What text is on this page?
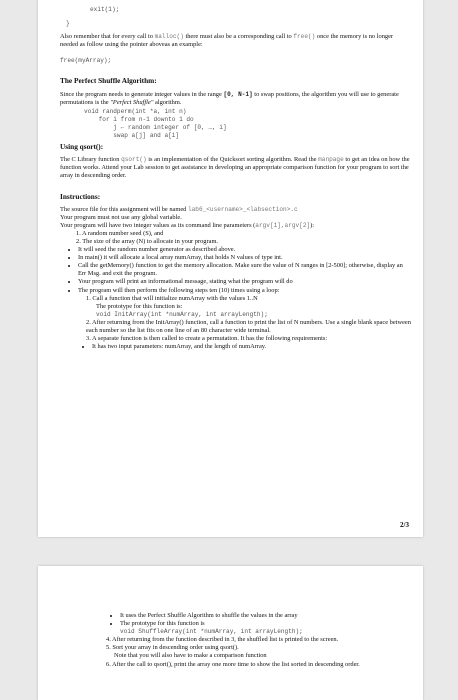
exit(1);
}

Also remember that for every call to malloc() there must also be a corresponding call to free() once the memory is no longer needed as follow using the pointer aboveas an example:

free(myArray);

The Perfect Shuffle Algorithm:

Since the program needs to generate integer values in the range [0, N-1] to swap positions, the algorithm you will use to generate permutations is the "Perfect Shuffle" algorithm.

void randperm(int *a, int n)
for i from n-1 downto 1 do
j ← random integer of [0, …, i]
swap a[j] and a[i]

Using qsort():

The C Library function qsort() is an implementation of the Quicksort sorting algorithm. Read the manpage to get an idea on how the function works. Attend your Lab session to get assistance in developing an appropriate comparison function for your program to sort the array in descending order.

Instructions:

The source file for this assignment will be named lab6_<username>_<labsection>.c

Your program must not use any global variable.

Your program will have two integer values as its command line parameters (argv[1],argv[2]):

1. A random number seed (S), and
2. The size of the array (N) to allocate in your program.
• It will seed the random number generator as described above.
• In main() it will allocate a local array numArray, that holds N values of type int.
• Call the getMemory() function to get the memory allocation. Make sure the value of N ranges in [2-500]; otherwise, display an Err Msg. and exit the program.
• Your program will print an informational message, stating what the program will do
• The program will then perform the following steps ten (10) times using a loop:
1. Call a function that will initialize numArray with the values 1..N
The prototype for this function is:
void InitArray(int *numArray, int arrayLength);
2. After returning from the InitArray() function, call a function to print the list of N numbers. Use a single blank space between each number so the list fits on one line of an 80 character wide terminal.
3. A separate function is then called to create a permutation. It has the following requirements:
• It has two input parameters: numArray, and the length of numArray.
2/3
• It uses the Perfect Shuffle Algorithm to shuffle the values in the array
• The prototype for this function is
void ShuffleArray(int *numArray, int arrayLength);
4. After returning from the function described in 3, the shuffled list is printed to the screen.
5. Sort your array in descending order using qsort().
Note that you will also have to make a comparison function
6. After the call to qsort(), print the array one more time to show the list sorted in descending order.
